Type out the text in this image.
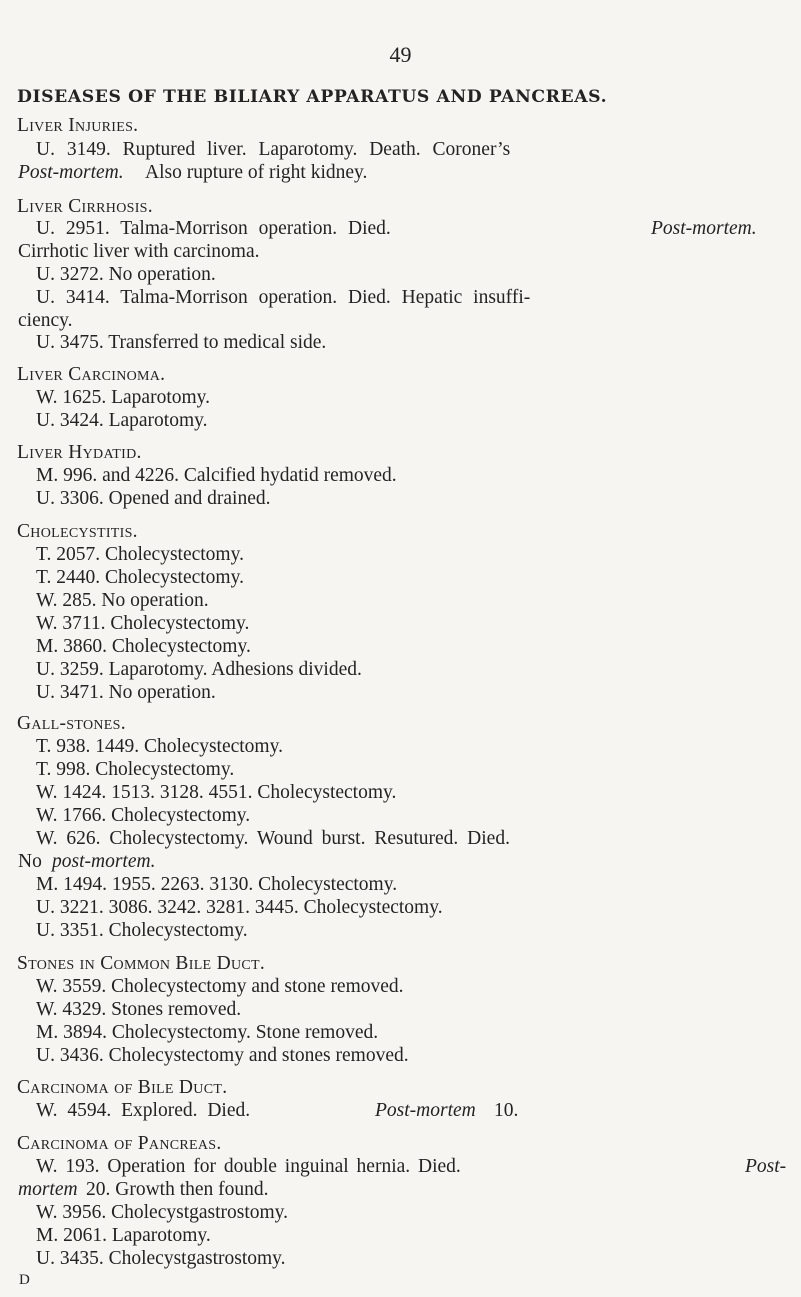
49
DISEASES OF THE BILIARY APPARATUS AND PANCREAS.
Liver Injuries.
U. 3149. Ruptured liver. Laparotomy. Death. Coroner’s
Post-mortem. Also rupture of right kidney.
Liver Cirrhosis.
U. 2951. Talma-Morrison operation. Died.	Post-mortem.
Cirrhotic liver with carcinoma.
U. 3272. No operation.
U. 3414. Talma-Morrison operation. Died. Hepatic insuffi-
ciency.
U. 3475. Transferred to medical side.
Liver Carcinoma.
W. 1625. Laparotomy.
U. 3424. Laparotomy.
Liver Hydatid.
M. 996. and 4226. Calcified hydatid removed.
U. 3306. Opened and drained.
Cholecystitis.
T. 2057. Cholecystectomy.
T. 2440. Cholecystectomy.
W. 285. No operation.
W. 3711. Cholecystectomy.
M. 3860. Cholecystectomy.
U. 3259. Laparotomy. Adhesions divided.
U. 3471. No operation.
Gall-stones.
T. 938. 1449. Cholecystectomy.
T. 998. Cholecystectomy.
W. 1424. 1513. 3128. 4551. Cholecystectomy.
W. 1766. Cholecystectomy.
W. 626. Cholecystectomy. Wound burst. Resutured. Died.
No post-mortem.
M. 1494. 1955. 2263. 3130. Cholecystectomy.
U. 3221. 3086. 3242. 3281. 3445. Cholecystectomy.
U. 3351. Cholecystectomy.
Stones in Common Bile Duct.
W. 3559. Cholecystectomy and stone removed.
W. 4329. Stones removed.
M. 3894. Cholecystectomy. Stone removed.
U. 3436. Cholecystectomy and stones removed.
Carcinoma of Bile Duct.
W. 4594. Explored. Died.	Post-mortem 10.
Carcinoma of Pancreas.
W. 193. Operation for double inguinal hernia. Died.	Post-
mortem 20. Growth then found.
W. 3956. Cholecystgastrostomy.
M. 2061. Laparotomy.
U. 3435. Cholecystgastrostomy.
D
